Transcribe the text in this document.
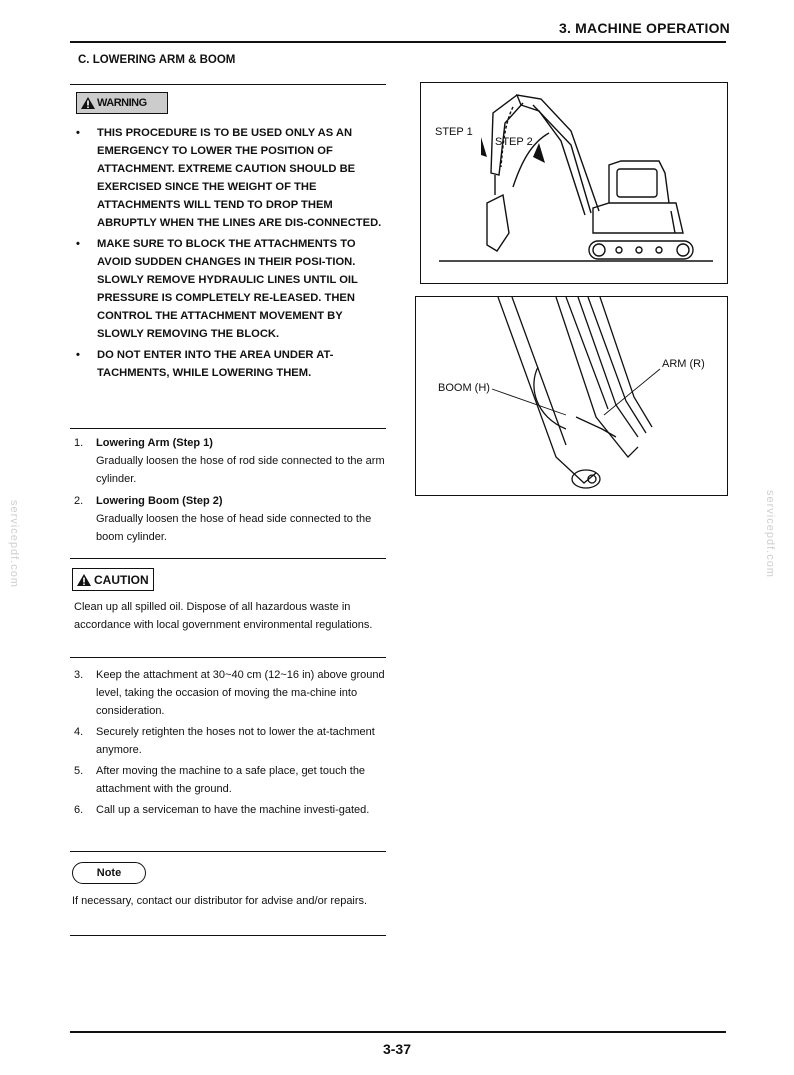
3. MACHINE OPERATION
C. LOWERING ARM & BOOM
WARNING
• THIS PROCEDURE IS TO BE USED ONLY AS AN EMERGENCY TO LOWER THE POSITION OF ATTACHMENT. EXTREME CAUTION SHOULD BE EXERCISED SINCE THE WEIGHT OF THE ATTACHMENTS WILL TEND TO DROP THEM ABRUPTLY WHEN THE LINES ARE DIS-CONNECTED.
• MAKE SURE TO BLOCK THE ATTACHMENTS TO AVOID SUDDEN CHANGES IN THEIR POSI-TION. SLOWLY REMOVE HYDRAULIC LINES UNTIL OIL PRESSURE IS COMPLETELY RE-LEASED. THEN CONTROL THE ATTACHMENT MOVEMENT BY SLOWLY REMOVING THE BLOCK.
• DO NOT ENTER INTO THE AREA UNDER AT-TACHMENTS, WHILE LOWERING THEM.
1. Lowering Arm (Step 1)
Gradually loosen the hose of rod side connected to the arm cylinder.
2. Lowering Boom (Step 2)
Gradually loosen the hose of head side connected to the boom cylinder.
CAUTION
Clean up all spilled oil. Dispose of all hazardous waste in accordance with local government environmental regulations.
3. Keep the attachment at 30~40 cm (12~16 in) above ground level, taking the occasion of moving the ma-chine into consideration.
4. Securely retighten the hoses not to lower the at-tachment anymore.
5. After moving the machine to a safe place, get touch the attachment with the ground.
6. Call up a serviceman to have the machine investi-gated.
Note
If necessary, contact our distributor for advise and/or repairs.
STEP 1
STEP 2
BOOM (H)
ARM (R)
servicepdf.com	servicepdf.com
3-37
